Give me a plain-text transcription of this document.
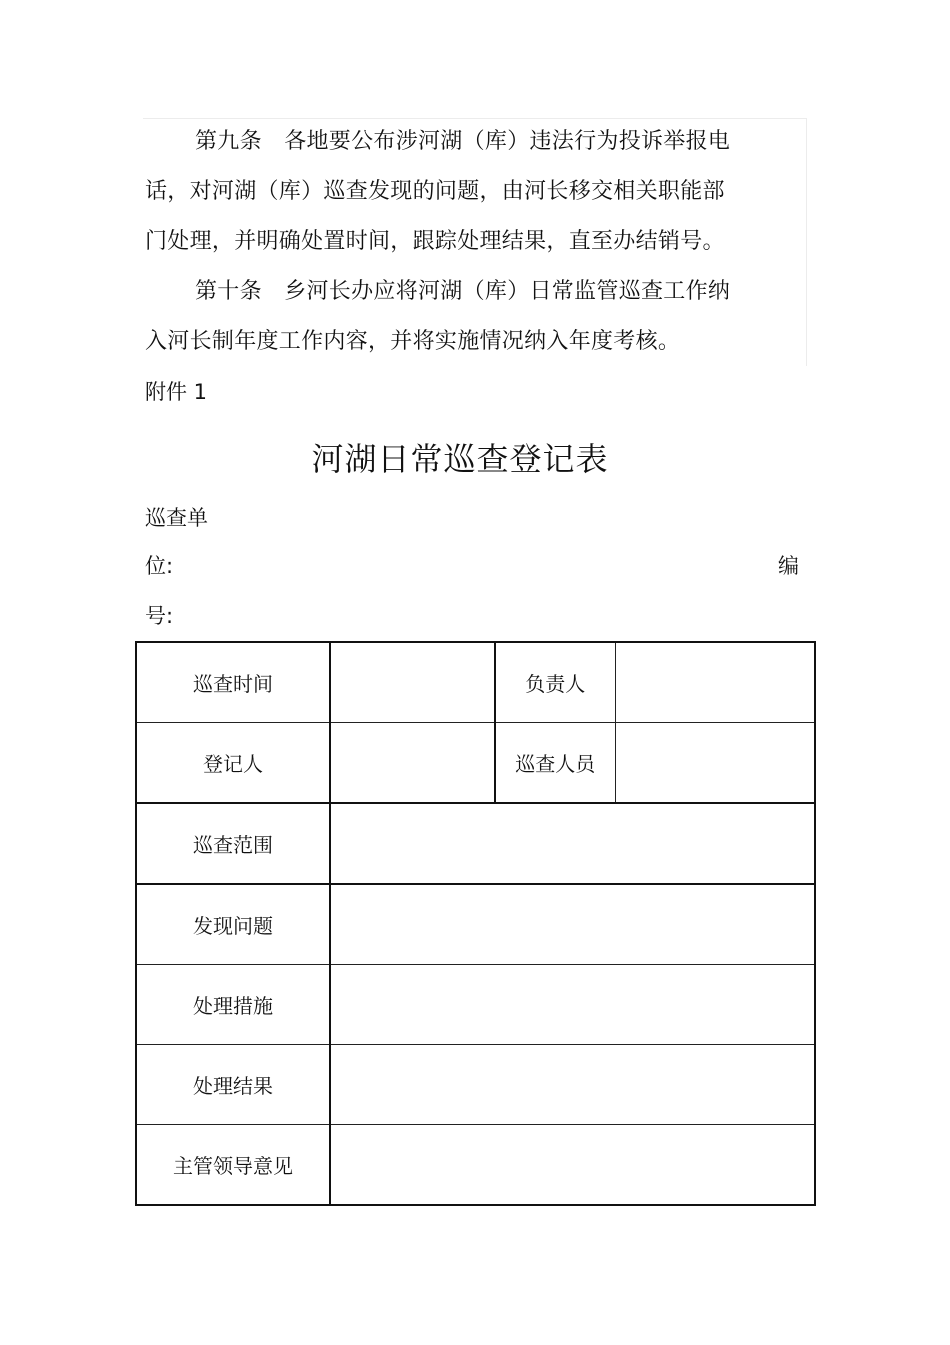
第九条　各地要公布涉河湖（库）违法行为投诉举报电
话，对河湖（库）巡查发现的问题，由河长移交相关职能部
门处理，并明确处置时间，跟踪处理结果，直至办结销号。
第十条　乡河长办应将河湖（库）日常监管巡查工作纳
入河长制年度工作内容，并将实施情况纳入年度考核。
附件 1
河湖日常巡查登记表
巡查单
位:	编
号:
巡查时间		负责人	
登记人		巡查人员	
巡查范围			
发现问题			
处理措施			
处理结果			
主管领导意见			
